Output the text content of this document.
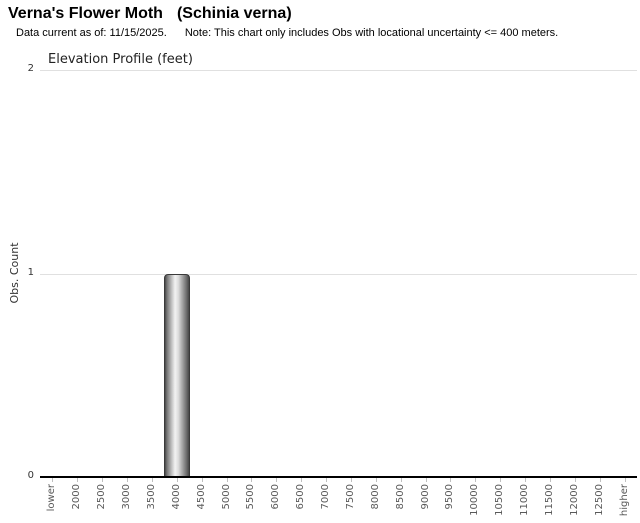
Verna's Flower Moth (Schinia verna)
Data current as of: 11/15/2025. Note: This chart only includes Obs with locational uncertainty <= 400 meters.
Elevation Profile (feet)
Obs. Count
0
1
2
lower 2000 2500 3000 3500 4000 4500 5000 5500 6000 6500 7000 7500 8000 8500 9000 9500 10000 10500 11000 11500 12000 12500 higher
